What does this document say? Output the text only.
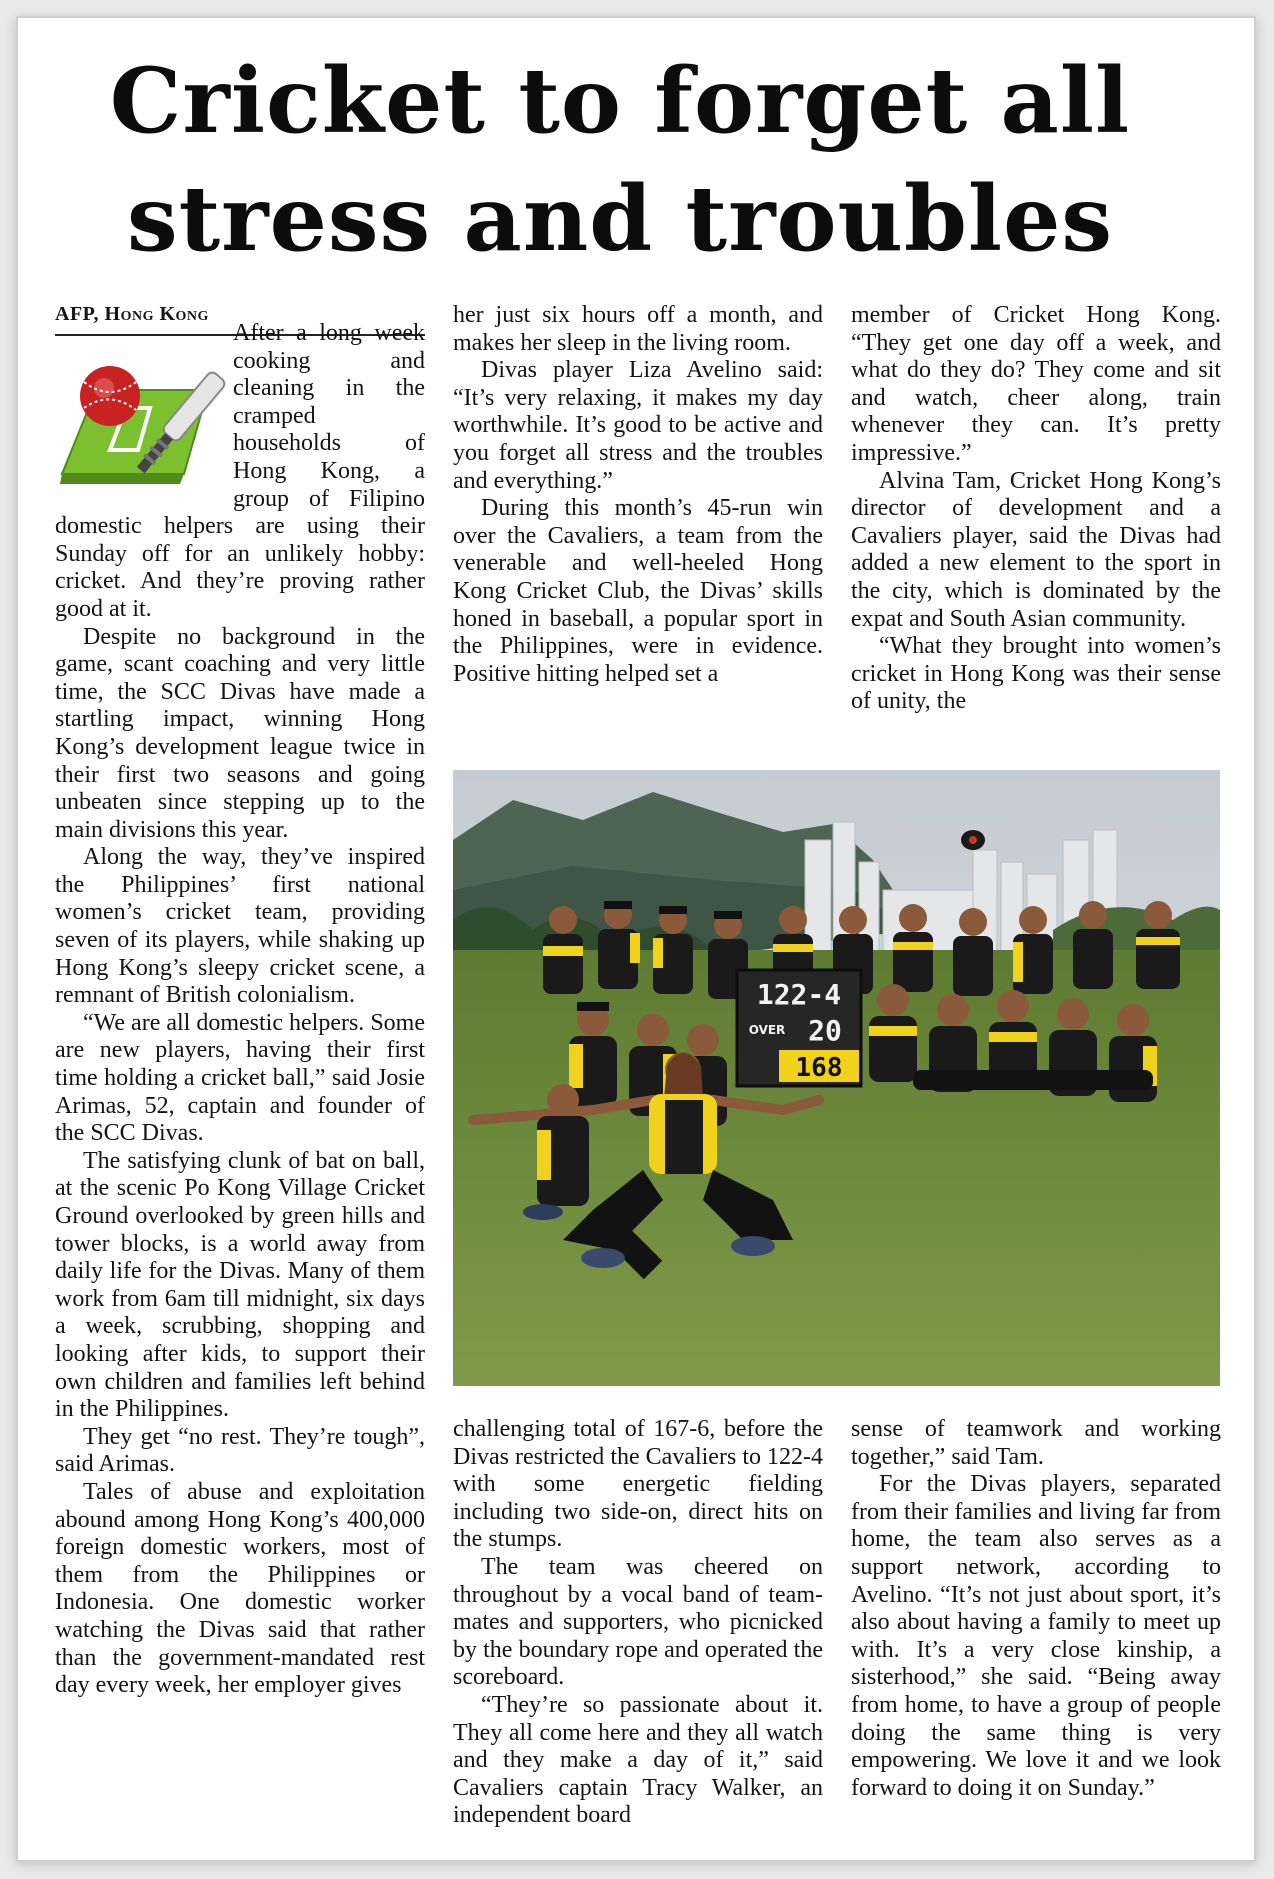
Cricket to forget all
stress and troubles
AFP, Hong Kong

After a long week cooking and cleaning in the cramped households of Hong Kong, a group of Filipino domestic helpers are using their Sunday off for an unlikely hobby: cricket. And they’re proving rather good at it.

Despite no background in the game, scant coaching and very little time, the SCC Divas have made a startling impact, winning Hong Kong’s development league twice in their first two seasons and going unbeaten since stepping up to the main divisions this year.

Along the way, they’ve inspired the Philippines’ first national women’s cricket team, providing seven of its players, while shaking up Hong Kong’s sleepy cricket scene, a remnant of British colonialism.

“We are all domestic helpers. Some are new players, having their first time holding a cricket ball,” said Josie Arimas, 52, captain and founder of the SCC Divas.

The satisfying clunk of bat on ball, at the scenic Po Kong Village Cricket Ground overlooked by green hills and tower blocks, is a world away from daily life for the Divas. Many of them work from 6am till midnight, six days a week, scrubbing, shopping and looking after kids, to support their own children and families left behind in the Philippines.

They get “no rest. They’re tough”, said Arimas.

Tales of abuse and exploitation abound among Hong Kong’s 400,000 foreign domestic workers, most of them from the Philippines or Indonesia. One domestic worker watching the Divas said that rather than the government-mandated rest day every week, her employer gives

her just six hours off a month, and makes her sleep in the living room.

Divas player Liza Avelino said: “It’s very relaxing, it makes my day worthwhile. It’s good to be active and you forget all stress and the troubles and everything.”

During this month’s 45-run win over the Cavaliers, a team from the venerable and well-heeled Hong Kong Cricket Club, the Divas’ skills honed in baseball, a popular sport in the Philippines, were in evidence. Positive hitting helped set a

member of Cricket Hong Kong. “They get one day off a week, and what do they do? They come and sit and watch, cheer along, train whenever they can. It’s pretty impressive.”

Alvina Tam, Cricket Hong Kong’s director of development and a Cavaliers player, said the Divas had added a new element to the sport in the city, which is dominated by the expat and South Asian community.

“What they brought into women’s cricket in Hong Kong was their sense of unity, the

122-4
OVER 20
168

challenging total of 167-6, before the Divas restricted the Cavaliers to 122-4 with some energetic fielding including two side-on, direct hits on the stumps.

The team was cheered on throughout by a vocal band of team-mates and supporters, who picnicked by the boundary rope and operated the scoreboard.

“They’re so passionate about it. They all come here and they all watch and they make a day of it,” said Cavaliers captain Tracy Walker, an independent board

sense of teamwork and working together,” said Tam.

For the Divas players, separated from their families and living far from home, the team also serves as a support network, according to Avelino. “It’s not just about sport, it’s also about having a family to meet up with. It’s a very close kinship, a sisterhood,” she said. “Being away from home, to have a group of people doing the same thing is very empowering. We love it and we look forward to doing it on Sunday.”
